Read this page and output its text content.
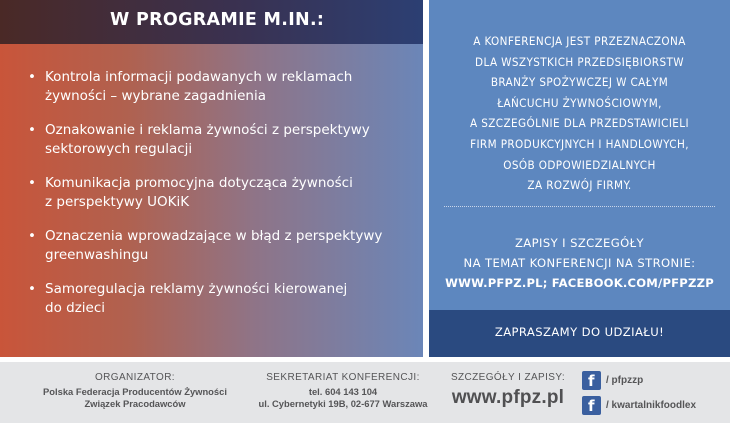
W PROGRAMIE M.IN.:
• Kontrola informacji podawanych w reklamach
żywności – wybrane zagadnienia
• Oznakowanie i reklama żywności z perspektywy
sektorowych regulacji
• Komunikacja promocyjna dotycząca żywności
z perspektywy UOKiK
• Oznaczenia wprowadzające w błąd z perspektywy
greenwashingu
• Samoregulacja reklamy żywności kierowanej
do dzieci

A KONFERENCJA JEST PRZEZNACZONA
DLA WSZYSTKICH PRZEDSIĘBIORSTW
BRANŻY SPOŻYWCZEJ W CAŁYM
ŁAŃCUCHU ŻYWNOŚCIOWYM,
A SZCZEGÓLNIE DLA PRZEDSTAWICIELI
FIRM PRODUKCYJNYCH I HANDLOWYCH,
OSÓB ODPOWIEDZIALNYCH
ZA ROZWÓJ FIRMY.

ZAPISY I SZCZEGÓŁY
NA TEMAT KONFERENCJI NA STRONIE:
WWW.PFPZ.PL; FACEBOOK.COM/PFPZZP

ZAPRASZAMY DO UDZIAŁU!
ORGANIZATOR:
Polska Federacja Producentów Żywności
Związek Pracodawców
SEKRETARIAT KONFERENCJI:
tel. 604 143 104
ul. Cybernetyki 19B, 02-677 Warszawa
SZCZEGÓŁY I ZAPISY:
www.pfpz.pl
f / pfpzzp
f / kwartalnikfoodlex
